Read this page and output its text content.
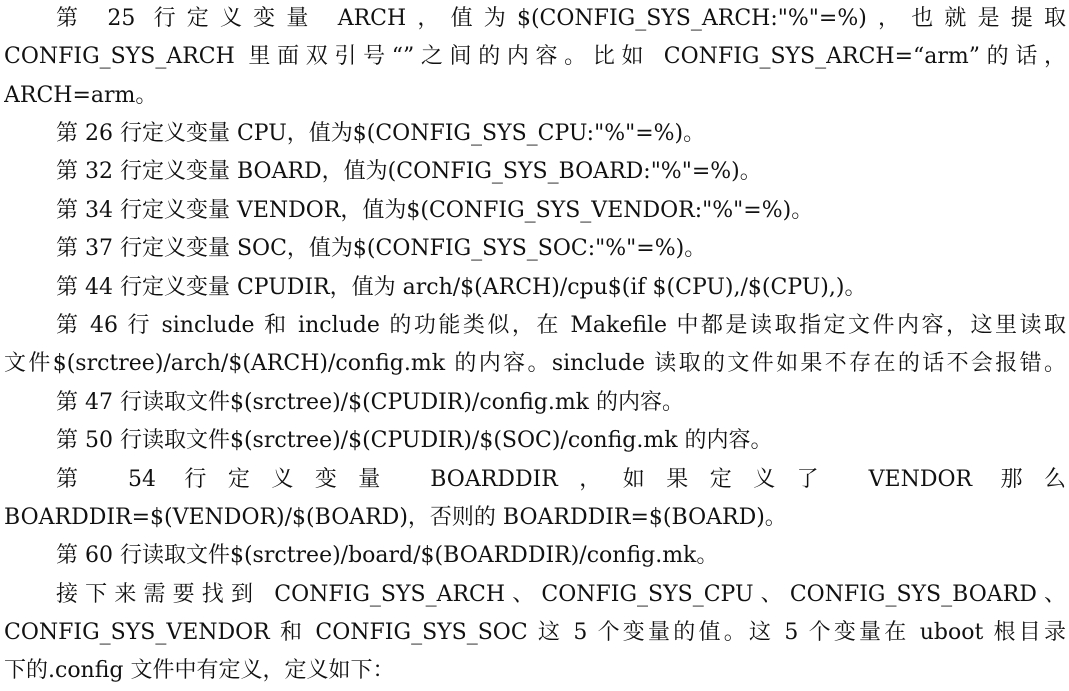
第 25 行定义变量 ARCH，值为$(CONFIG_SYS_ARCH:"%"=%)，也就是提取
CONFIG_SYS_ARCH 里面双引号“”之间的内容。比如 CONFIG_SYS_ARCH=“arm”的话，
ARCH=arm。
第 26 行定义变量 CPU，值为$(CONFIG_SYS_CPU:"%"=%)。
第 32 行定义变量 BOARD，值为(CONFIG_SYS_BOARD:"%"=%)。
第 34 行定义变量 VENDOR，值为$(CONFIG_SYS_VENDOR:"%"=%)。
第 37 行定义变量 SOC，值为$(CONFIG_SYS_SOC:"%"=%)。
第 44 行定义变量 CPUDIR，值为 arch/$(ARCH)/cpu$(if $(CPU),/$(CPU),)。
第 46 行 sinclude 和 include 的功能类似，在 Makefile 中都是读取指定文件内容，这里读取
文件$(srctree)/arch/$(ARCH)/config.mk 的内容。sinclude 读取的文件如果不存在的话不会报错。
第 47 行读取文件$(srctree)/$(CPUDIR)/config.mk 的内容。
第 50 行读取文件$(srctree)/$(CPUDIR)/$(SOC)/config.mk 的内容。
第 54 行定义变量 BOARDDIR，如果定义了 VENDOR 那么
BOARDDIR=$(VENDOR)/$(BOARD)，否则的 BOARDDIR=$(BOARD)。
第 60 行读取文件$(srctree)/board/$(BOARDDIR)/config.mk。
接下来需要找到 CONFIG_SYS_ARCH、CONFIG_SYS_CPU、CONFIG_SYS_BOARD、
CONFIG_SYS_VENDOR 和 CONFIG_SYS_SOC 这 5 个变量的值。这 5 个变量在 uboot 根目录
下的.config 文件中有定义，定义如下：
